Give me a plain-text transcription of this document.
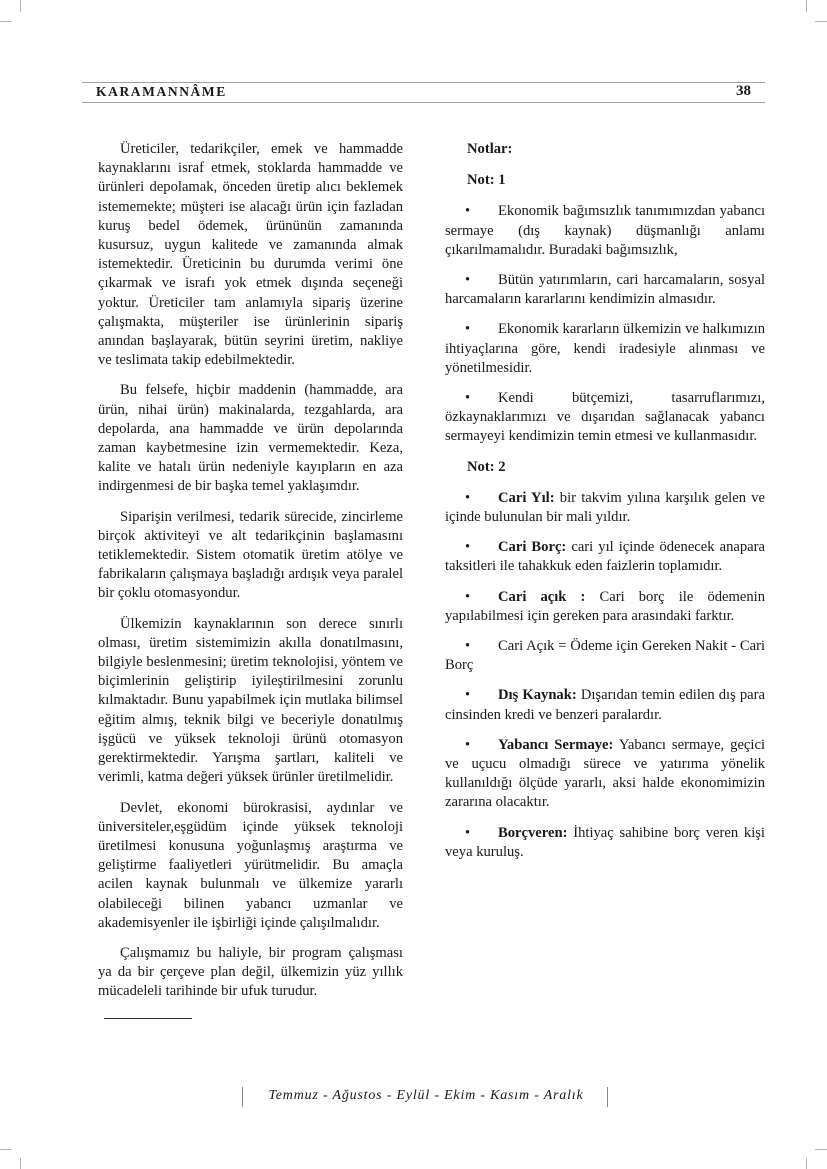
KARAMANNÂME	38

Üreticiler, tedarikçiler, emek ve hammadde kaynaklarını israf etmek, stoklarda hammadde ve ürünleri depolamak, önceden üretip alıcı beklemek istememekte; müşteri ise alacağı ürün için fazladan kuruş bedel ödemek, ürününün zamanında kusursuz, uygun kalitede ve zamanında almak istemektedir. Üreticinin bu durumda verimi öne çıkarmak ve israfı yok etmek dışında seçeneği yoktur. Üreticiler tam anlamıyla sipariş üzerine çalışmakta, müşteriler ise ürünlerinin sipariş anından başlayarak, bütün seyrini üretim, nakliye ve teslimata takip edebilmektedir.

Bu felsefe, hiçbir maddenin (hammadde, ara ürün, nihai ürün) makinalarda, tezgahlarda, ara depolarda, ana hammadde ve ürün depolarında zaman kaybetmesine izin vermemektedir. Keza, kalite ve hatalı ürün nedeniyle kayıpların en aza indirgenmesi de bir başka temel yaklaşımdır.

Siparişin verilmesi, tedarik sürecide, zincirleme birçok aktiviteyi ve alt tedarikçinin başlamasını tetiklemektedir. Sistem otomatik üretim atölye ve fabrikaların çalışmaya başladığı ardışık veya paralel bir çoklu otomasyondur.

Ülkemizin kaynaklarının son derece sınırlı olması, üretim sistemimizin akılla donatılmasını, bilgiyle beslenmesini; üretim teknolojisi, yöntem ve biçimlerinin geliştirip iyileştirilmesini zorunlu kılmaktadır. Bunu yapabilmek için mutlaka bilimsel eğitim almış, teknik bilgi ve beceriyle donatılmış işgücü ve yüksek teknoloji ürünü otomasyon gerektirmektedir. Yarışma şartları, kaliteli ve verimli, katma değeri yüksek ürünler üretilmelidir.

Devlet, ekonomi bürokrasisi, aydınlar ve üniversiteler,eşgüdüm içinde yüksek teknoloji üretilmesi konusuna yoğunlaşmış araştırma ve geliştirme faaliyetleri yürütmelidir. Bu amaçla acilen kaynak bulunmalı ve ülkemize yararlı olabileceği bilinen yabancı uzmanlar ve akademisyenler ile işbirliği içinde çalışılmalıdır.

Çalışmamız bu haliyle, bir program çalışması ya da bir çerçeve plan değil, ülkemizin yüz yıllık mücadeleli tarihinde bir ufuk turudur.

Notlar:
Not: 1

• Ekonomik bağımsızlık tanımımızdan yabancı sermaye (dış kaynak) düşmanlığı anlamı çıkarılmamalıdır. Buradaki bağımsızlık,

• Bütün yatırımların, cari harcamaların, sosyal harcamaların kararlarını kendimizin almasıdır.

• Ekonomik kararların ülkemizin ve halkımızın ihtiyaçlarına göre, kendi iradesiyle alınması ve yönetilmesidir.

• Kendi bütçemizi, tasarruflarımızı, özkaynaklarımızı ve dışarıdan sağlanacak yabancı sermayeyi kendimizin temin etmesi ve kullanmasıdır.

Not: 2

• Cari Yıl: bir takvim yılına karşılık gelen ve içinde bulunulan bir mali yıldır.

• Cari Borç: cari yıl içinde ödenecek anapara taksitleri ile tahakkuk eden faizlerin toplamıdır.

• Cari açık : Cari borç ile ödemenin yapılabilmesi için gereken para arasındaki farktır.

• Cari Açık = Ödeme için Gereken Nakit - Cari Borç

• Dış Kaynak: Dışarıdan temin edilen dış para cinsinden kredi ve benzeri paralardır.

• Yabancı Sermaye: Yabancı sermaye, geçici ve uçucu olmadığı sürece ve yatırıma yönelik kullanıldığı ölçüde yararlı, aksi halde ekonomimizin zararına olacaktır.

• Borçveren: İhtiyaç sahibine borç veren kişi veya kuruluş.

Temmuz - Ağustos - Eylül - Ekim - Kasım - Aralık
